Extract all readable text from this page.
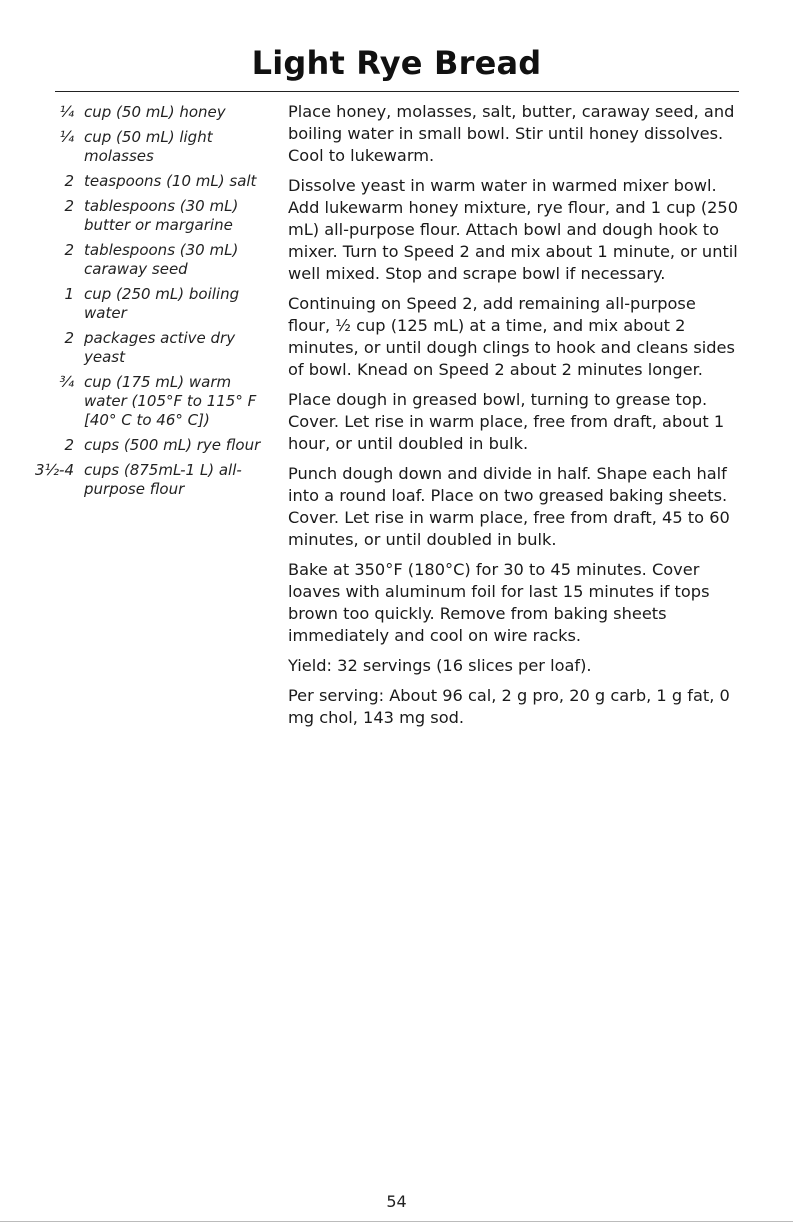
Light Rye Bread
¼ cup (50 mL) honey
¼ cup (50 mL) light molasses
2 teaspoons (10 mL) salt
2 tablespoons (30 mL) butter or margarine
2 tablespoons (30 mL) caraway seed
1 cup (250 mL) boiling water
2 packages active dry yeast
¾ cup (175 mL) warm water (105°F to 115° F [40° C to 46° C])
2 cups (500 mL) rye flour
3½-4 cups (875mL-1 L) all-purpose flour

Place honey, molasses, salt, butter, caraway seed, and boiling water in small bowl. Stir until honey dissolves. Cool to lukewarm.

Dissolve yeast in warm water in warmed mixer bowl. Add lukewarm honey mixture, rye flour, and 1 cup (250 mL) all-purpose flour. Attach bowl and dough hook to mixer. Turn to Speed 2 and mix about 1 minute, or until well mixed. Stop and scrape bowl if necessary.

Continuing on Speed 2, add remaining all-purpose flour, ½ cup (125 mL) at a time, and mix about 2 minutes, or until dough clings to hook and cleans sides of bowl. Knead on Speed 2 about 2 minutes longer.

Place dough in greased bowl, turning to grease top. Cover. Let rise in warm place, free from draft, about 1 hour, or until doubled in bulk.

Punch dough down and divide in half. Shape each half into a round loaf. Place on two greased baking sheets. Cover. Let rise in warm place, free from draft, 45 to 60 minutes, or until doubled in bulk.

Bake at 350°F (180°C) for 30 to 45 minutes. Cover loaves with aluminum foil for last 15 minutes if tops brown too quickly. Remove from baking sheets immediately and cool on wire racks.

Yield: 32 servings (16 slices per loaf).

Per serving: About 96 cal, 2 g pro, 20 g carb, 1 g fat, 0 mg chol, 143 mg sod.

54
